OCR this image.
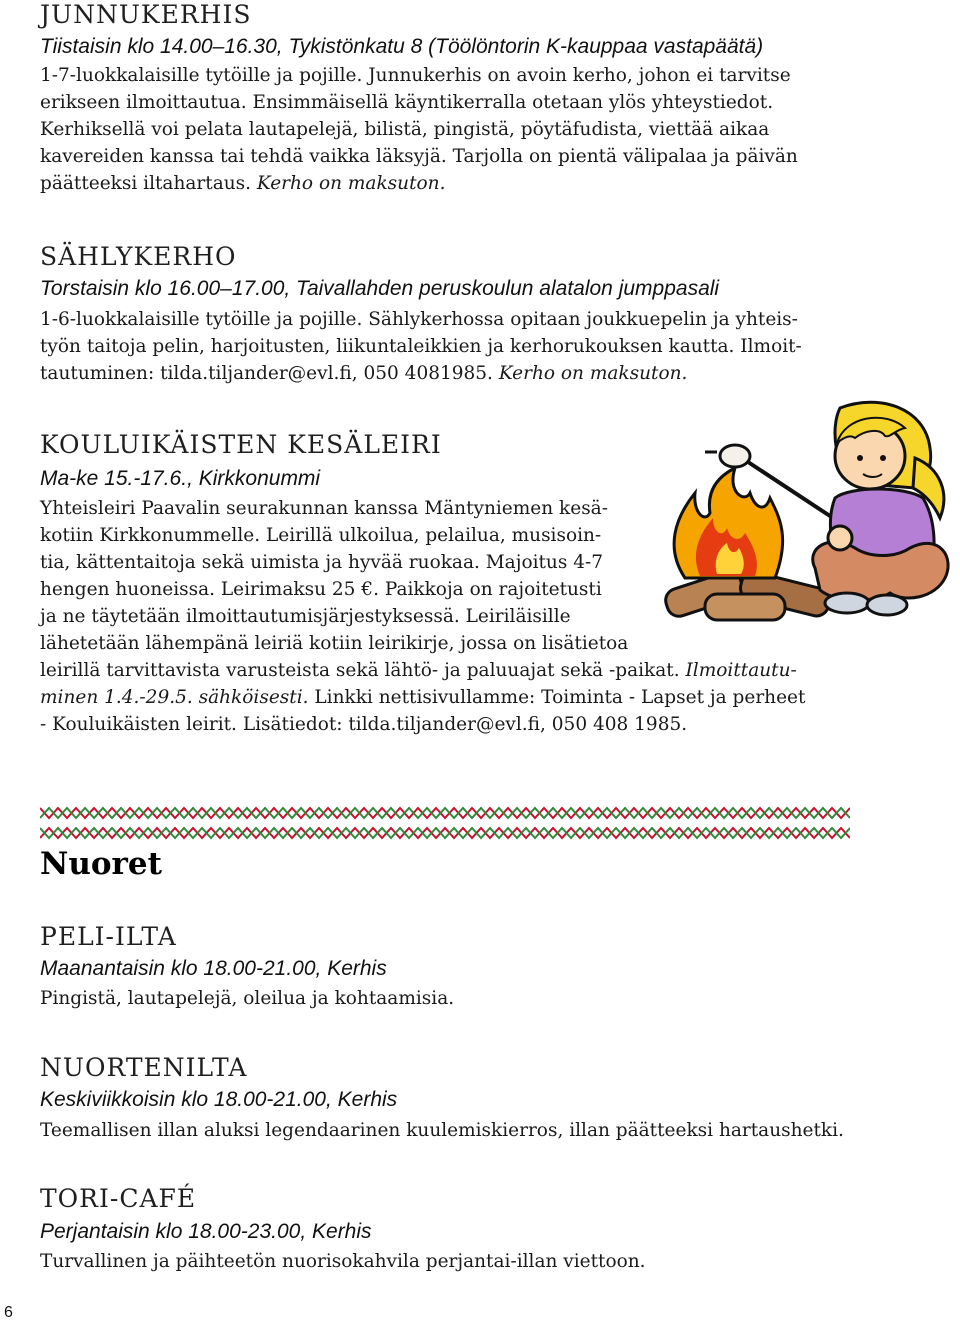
JUNNUKERHIS
Tiistaisin klo 14.00–16.30, Tykistönkatu 8 (Töölöntorin K-kauppaa vastapäätä)
1-7-luokkalaisille tytöille ja pojille. Junnukerhis on avoin kerho, johon ei tarvitse
erikseen ilmoittautua. Ensimmäisellä käyntikerralla otetaan ylös yhteystiedot.
Kerhiksellä voi pelata lautapelejä, bilistä, pingistä, pöytäfudista, viettää aikaa
kavereiden kanssa tai tehdä vaikka läksyjä. Tarjolla on pientä välipalaa ja päivän
päätteeksi iltahartaus. Kerho on maksuton.
SÄHLYKERHO
Torstaisin klo 16.00–17.00, Taivallahden peruskoulun alatalon jumppasali
1-6-luokkalaisille tytöille ja pojille. Sählykerhossa opitaan joukkuepelin ja yhteis-
työn taitoja pelin, harjoitusten, liikuntaleikkien ja kerhorukouksen kautta. Ilmoit-
tautuminen: tilda.tiljander@evl.fi, 050 4081985. Kerho on maksuton.
KOULUIKÄISTEN KESÄLEIRI
Ma-ke 15.-17.6., Kirkkonummi
Yhteisleiri Paavalin seurakunnan kanssa Mäntyniemen kesä-
kotiin Kirkkonummelle. Leirillä ulkoilua, pelailua, musisoin-
tia, kättentaitoja sekä uimista ja hyvää ruokaa. Majoitus 4-7
hengen huoneissa. Leirimaksu 25 €. Paikkoja on rajoitetusti
ja ne täytetään ilmoittautumisjärjestyksessä. Leiriläisille
lähetetään lähempänä leiriä kotiin leirikirje, jossa on lisätietoa
leirillä tarvittavista varusteista sekä lähtö- ja paluuajat sekä -paikat. Ilmoittautu-
minen 1.4.-29.5. sähköisesti. Linkki nettisivullamme: Toiminta - Lapset ja perheet
- Kouluikäisten leirit. Lisätiedot: tilda.tiljander@evl.fi, 050 408 1985.
Nuoret
PELI-ILTA
Maanantaisin klo 18.00-21.00, Kerhis
Pingistä, lautapelejä, oleilua ja kohtaamisia.
NUORTENILTA
Keskiviikkoisin klo 18.00-21.00, Kerhis
Teemallisen illan aluksi legendaarinen kuulemiskierros, illan päätteeksi hartaushetki.
TORI-CAFÉ
Perjantaisin klo 18.00-23.00, Kerhis
Turvallinen ja päihteetön nuorisokahvila perjantai-illan viettoon.
6
